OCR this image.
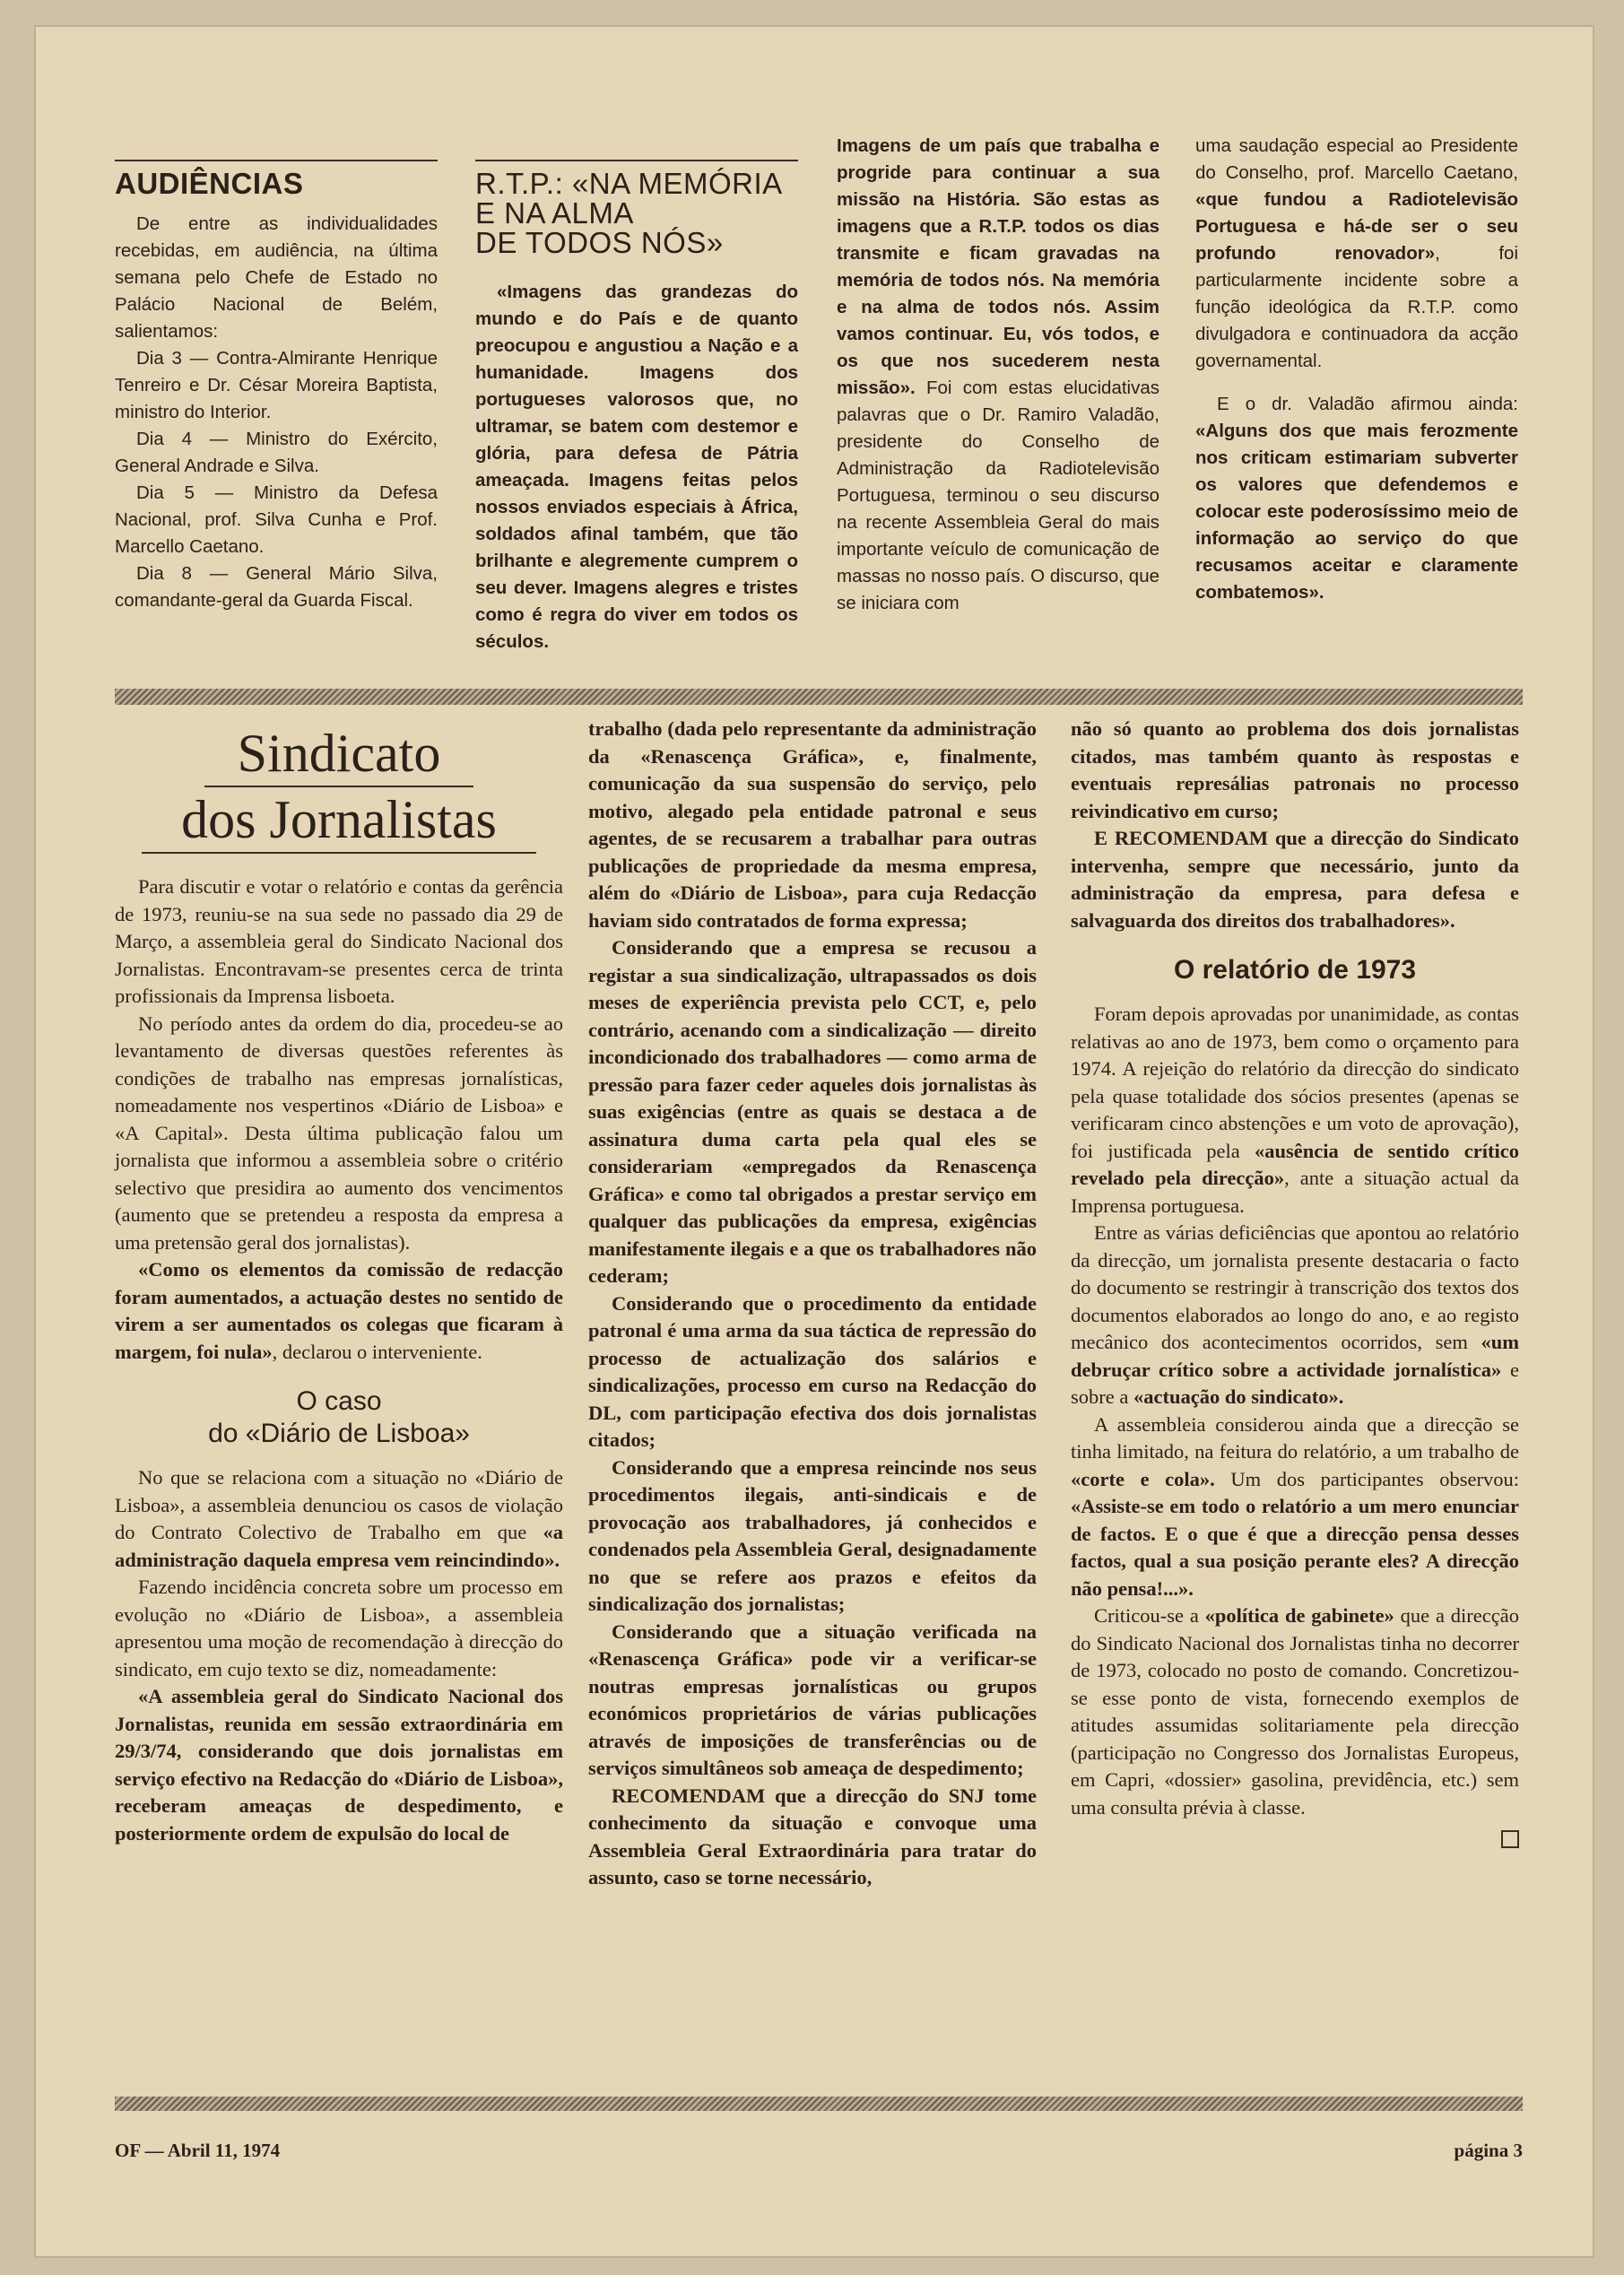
AUDIÊNCIAS

De entre as individualidades recebidas, em audiência, na última semana pelo Chefe de Estado no Palácio Nacional de Belém, salientamos:

Dia 3 — Contra-Almirante Henrique Tenreiro e Dr. César Moreira Baptista, ministro do Interior.

Dia 4 — Ministro do Exército, General Andrade e Silva.

Dia 5 — Ministro da Defesa Nacional, prof. Silva Cunha e Prof. Marcello Caetano.

Dia 8 — General Mário Silva, comandante-geral da Guarda Fiscal.

R.T.P.: «NA MEMÓRIA
E NA ALMA
DE TODOS NÓS»

«Imagens das grandezas do mundo e do País e de quanto preocupou e angustiou a Nação e a humanidade. Imagens dos portugueses valorosos que, no ultramar, se batem com destemor e glória, para defesa de Pátria ameaçada. Imagens feitas pelos nossos enviados especiais à África, soldados afinal também, que tão brilhante e alegremente cumprem o seu dever. Imagens alegres e tristes como é regra do viver em todos os séculos.

Imagens de um país que trabalha e progride para continuar a sua missão na História. São estas as imagens que a R.T.P. todos os dias transmite e ficam gravadas na memória de todos nós. Na memória e na alma de todos nós. Assim vamos continuar. Eu, vós todos, e os que nos sucederem nesta missão». Foi com estas elucidativas palavras que o Dr. Ramiro Valadão, presidente do Conselho de Administração da Radiotelevisão Portuguesa, terminou o seu discurso na recente Assembleia Geral do mais importante veículo de comunicação de massas no nosso país. O discurso, que se iniciara com

uma saudação especial ao Presidente do Conselho, prof. Marcello Caetano, «que fundou a Radiotelevisão Portuguesa e há-de ser o seu profundo renovador», foi particularmente incidente sobre a função ideológica da R.T.P. como divulgadora e continuadora da acção governamental.

E o dr. Valadão afirmou ainda: «Alguns dos que mais ferozmente nos criticam estimariam subverter os valores que defendemos e colocar este poderosíssimo meio de informação ao serviço do que recusamos aceitar e claramente combatemos».

Sindicato
dos Jornalistas

Para discutir e votar o relatório e contas da gerência de 1973, reuniu-se na sua sede no passado dia 29 de Março, a assembleia geral do Sindicato Nacional dos Jornalistas. Encontravam-se presentes cerca de trinta profissionais da Imprensa lisboeta.

No período antes da ordem do dia, procedeu-se ao levantamento de diversas questões referentes às condições de trabalho nas empresas jornalísticas, nomeadamente nos vespertinos «Diário de Lisboa» e «A Capital». Desta última publicação falou um jornalista que informou a assembleia sobre o critério selectivo que presidira ao aumento dos vencimentos (aumento que se pretendeu a resposta da empresa a uma pretensão geral dos jornalistas).

«Como os elementos da comissão de redacção foram aumentados, a actuação destes no sentido de virem a ser aumentados os colegas que ficaram à margem, foi nula», declarou o interveniente.

O caso
do «Diário de Lisboa»

No que se relaciona com a situação no «Diário de Lisboa», a assembleia denunciou os casos de violação do Contrato Colectivo de Trabalho em que «a administração daquela empresa vem reincindindo».

Fazendo incidência concreta sobre um processo em evolução no «Diário de Lisboa», a assembleia apresentou uma moção de recomendação à direcção do sindicato, em cujo texto se diz, nomeadamente:

«A assembleia geral do Sindicato Nacional dos Jornalistas, reunida em sessão extraordinária em 29/3/74, considerando que dois jornalistas em serviço efectivo na Redacção do «Diário de Lisboa», receberam ameaças de despedimento, e posteriormente ordem de expulsão do local de

trabalho (dada pelo representante da administração da «Renascença Gráfica», e, finalmente, comunicação da sua suspensão do serviço, pelo motivo, alegado pela entidade patronal e seus agentes, de se recusarem a trabalhar para outras publicações de propriedade da mesma empresa, além do «Diário de Lisboa», para cuja Redacção haviam sido contratados de forma expressa;

Considerando que a empresa se recusou a registar a sua sindicalização, ultrapassados os dois meses de experiência prevista pelo CCT, e, pelo contrário, acenando com a sindicalização — direito incondicionado dos trabalhadores — como arma de pressão para fazer ceder aqueles dois jornalistas às suas exigências (entre as quais se destaca a de assinatura duma carta pela qual eles se considerariam «empregados da Renascença Gráfica» e como tal obrigados a prestar serviço em qualquer das publicações da empresa, exigências manifestamente ilegais e a que os trabalhadores não cederam;

Considerando que o procedimento da entidade patronal é uma arma da sua táctica de repressão do processo de actualização dos salários e sindicalizações, processo em curso na Redacção do DL, com participação efectiva dos dois jornalistas citados;

Considerando que a empresa reincinde nos seus procedimentos ilegais, anti-sindicais e de provocação aos trabalhadores, já conhecidos e condenados pela Assembleia Geral, designadamente no que se refere aos prazos e efeitos da sindicalização dos jornalistas;

Considerando que a situação verificada na «Renascença Gráfica» pode vir a verificar-se noutras empresas jornalísticas ou grupos económicos proprietários de várias publicações através de imposições de transferências ou de serviços simultâneos sob ameaça de despedimento;

RECOMENDAM que a direcção do SNJ tome conhecimento da situação e convoque uma Assembleia Geral Extraordinária para tratar do assunto, caso se torne necessário,

não só quanto ao problema dos dois jornalistas citados, mas também quanto às respostas e eventuais represálias patronais no processo reivindicativo em curso;

E RECOMENDAM que a direcção do Sindicato intervenha, sempre que necessário, junto da administração da empresa, para defesa e salvaguarda dos direitos dos trabalhadores».

O relatório de 1973

Foram depois aprovadas por unanimidade, as contas relativas ao ano de 1973, bem como o orçamento para 1974. A rejeição do relatório da direcção do sindicato pela quase totalidade dos sócios presentes (apenas se verificaram cinco abstenções e um voto de aprovação), foi justificada pela «ausência de sentido crítico revelado pela direcção», ante a situação actual da Imprensa portuguesa.

Entre as várias deficiências que apontou ao relatório da direcção, um jornalista presente destacaria o facto do documento se restringir à transcrição dos textos dos documentos elaborados ao longo do ano, e ao registo mecânico dos acontecimentos ocorridos, sem «um debruçar crítico sobre a actividade jornalística» e sobre a «actuação do sindicato».

A assembleia considerou ainda que a direcção se tinha limitado, na feitura do relatório, a um trabalho de «corte e cola». Um dos participantes observou: «Assiste-se em todo o relatório a um mero enunciar de factos. E o que é que a direcção pensa desses factos, qual a sua posição perante eles? A direcção não pensa!...».

Criticou-se a «política de gabinete» que a direcção do Sindicato Nacional dos Jornalistas tinha no decorrer de 1973, colocado no posto de comando. Concretizou-se esse ponto de vista, fornecendo exemplos de atitudes assumidas solitariamente pela direcção (participação no Congresso dos Jornalistas Europeus, em Capri, «dossier» gasolina, previdência, etc.) sem uma consulta prévia à classe.

OF — Abril 11, 1974	página 3
